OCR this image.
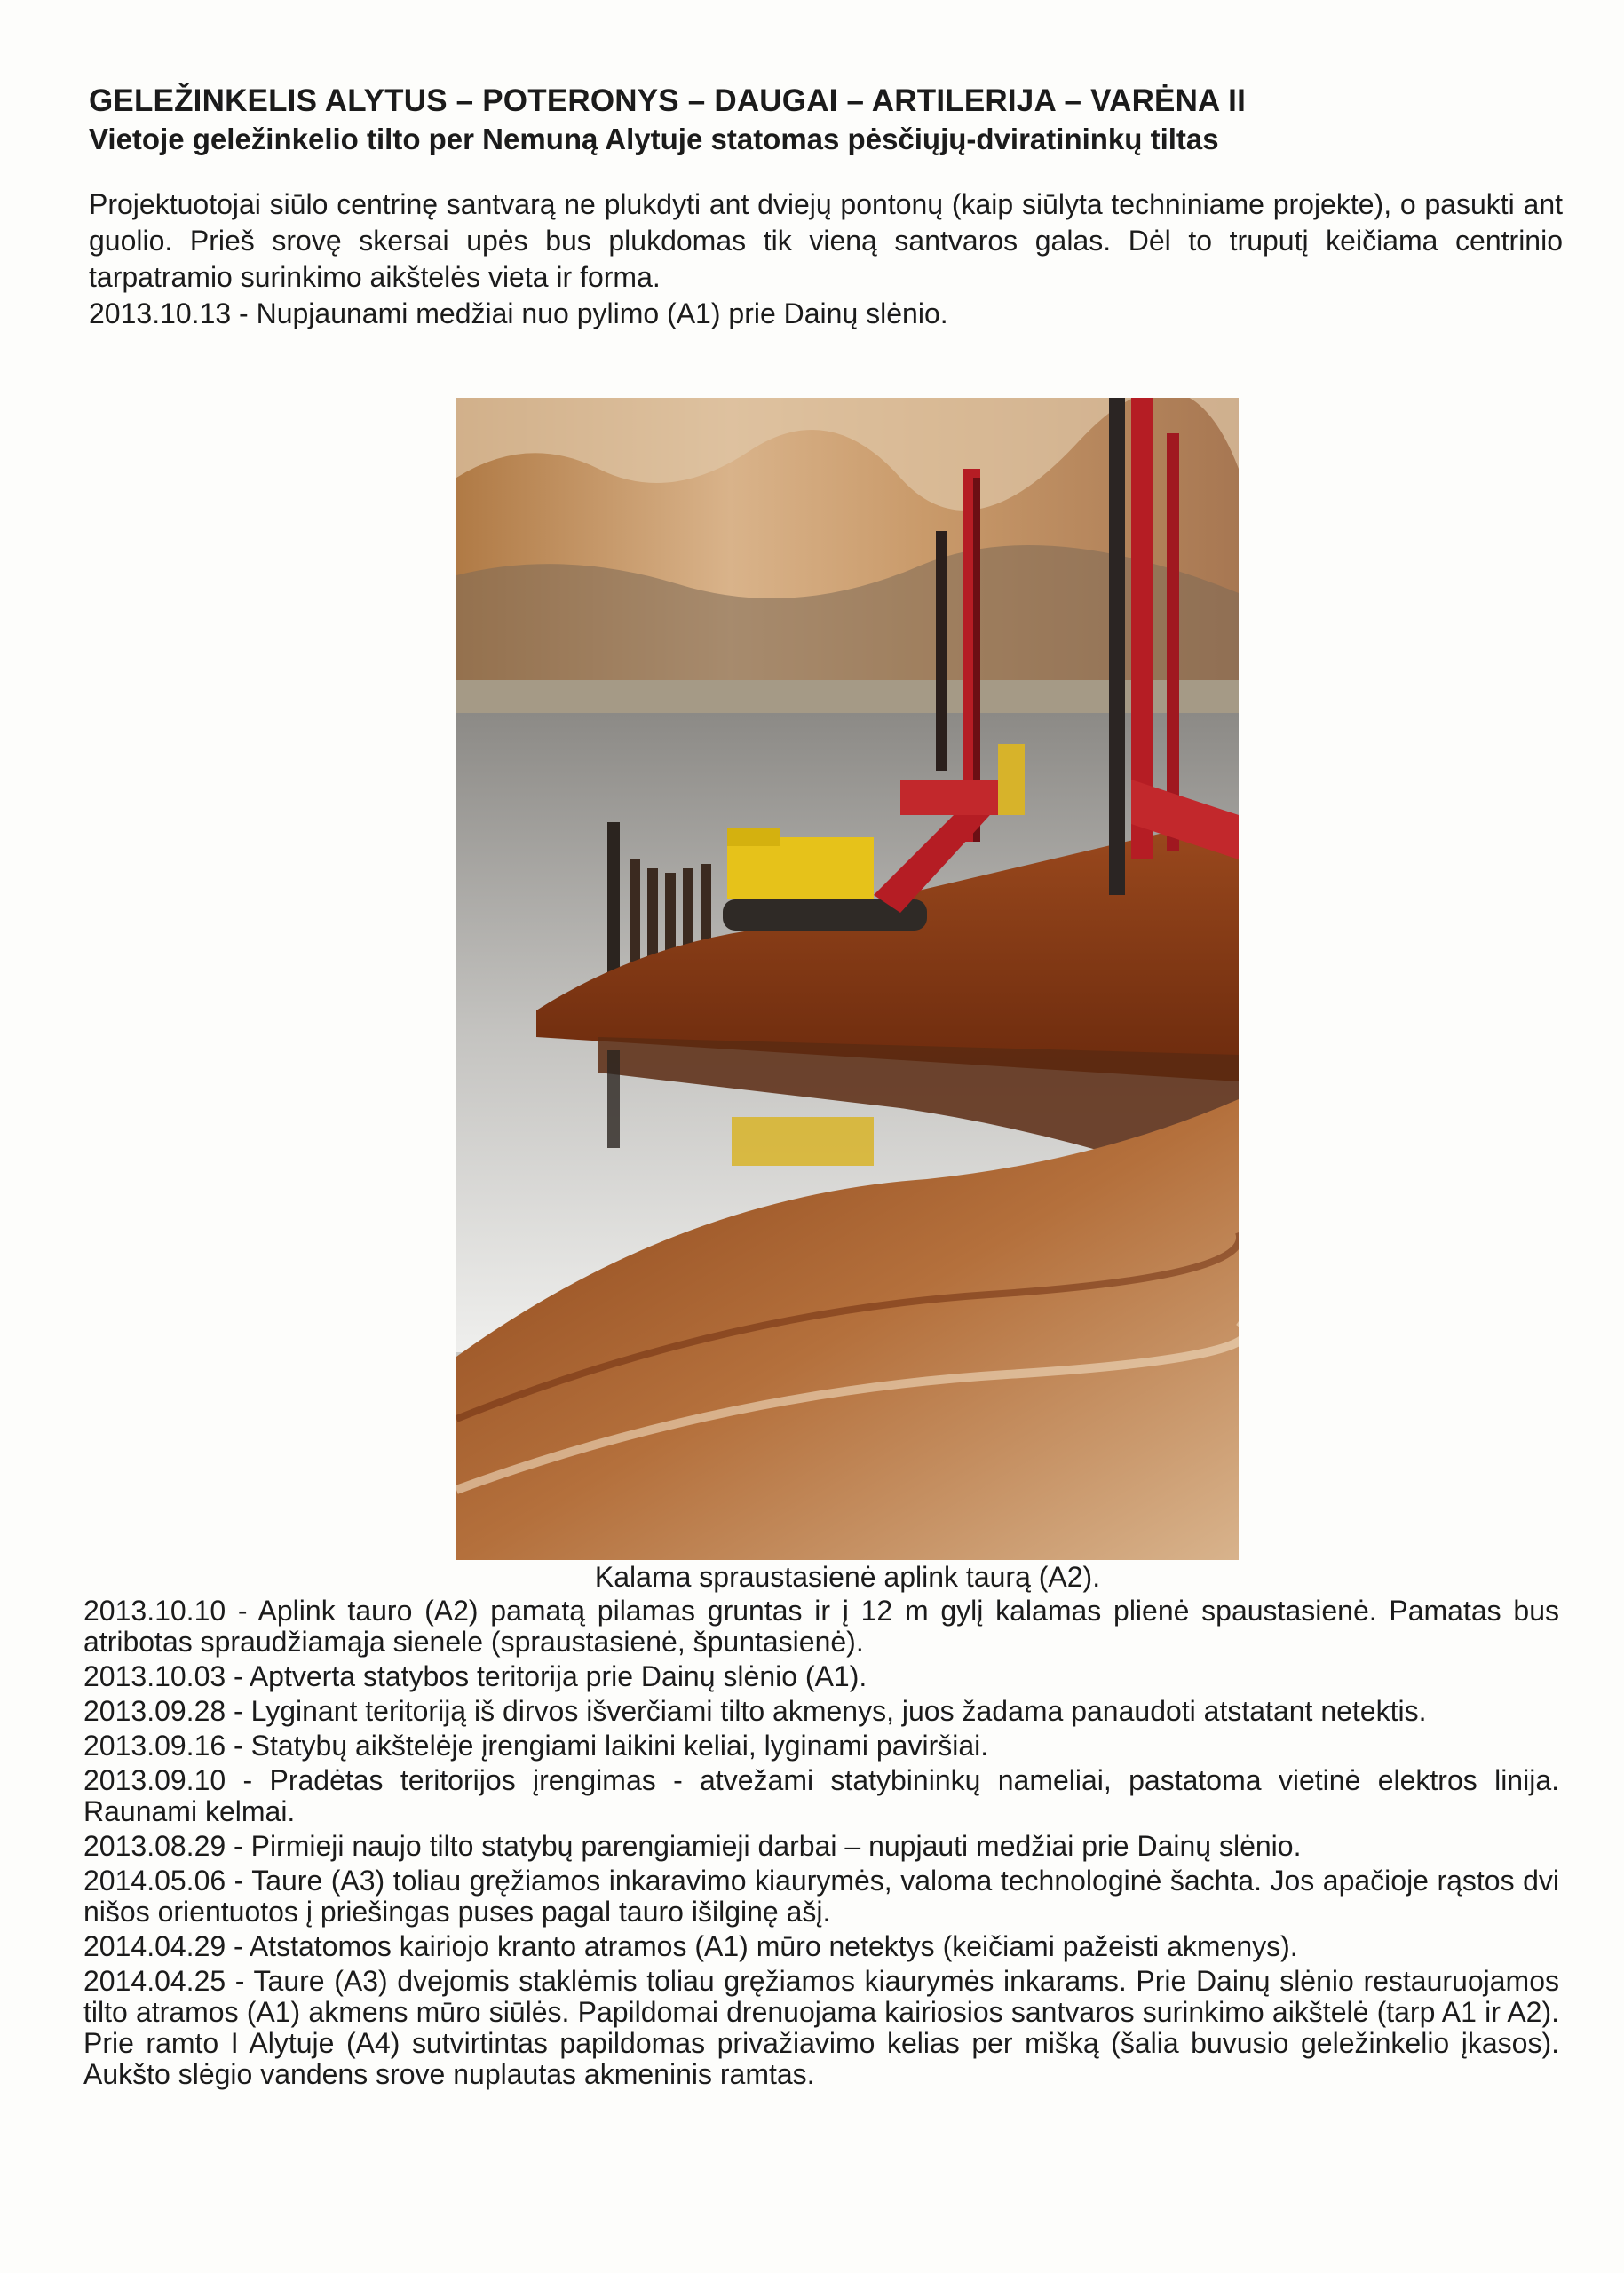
GELEŽINKELIS ALYTUS – POTERONYS – DAUGAI – ARTILERIJA – VARĖNA II
Vietoje geležinkelio tilto per Nemuną Alytuje statomas pėsčiųjų-dviratininkų tiltas

Projektuotojai siūlo centrinę santvarą ne plukdyti ant dviejų pontonų (kaip siūlyta techniniame projekte), o pasukti ant guolio. Prieš srovę skersai upės bus plukdomas tik vieną santvaros galas. Dėl to truputį keičiama centrinio tarpatramio surinkimo aikštelės vieta ir forma.

2013.10.13 - Nupjaunami medžiai nuo pylimo (A1) prie Dainų slėnio.

Kalama spraustasienė aplink taurą (A2).

2013.10.10 - Aplink tauro (A2) pamatą pilamas gruntas ir į 12 m gylį kalamas plienė spaustasienė. Pamatas bus atribotas spraudžiamąja sienele (spraustasienė, špuntasienė).

2013.10.03 - Aptverta statybos teritorija prie Dainų slėnio (A1).

2013.09.28 - Lyginant teritoriją iš dirvos išverčiami tilto akmenys, juos žadama panaudoti atstatant netektis.

2013.09.16 - Statybų aikštelėje įrengiami laikini keliai, lyginami paviršiai.

2013.09.10 - Pradėtas teritorijos įrengimas - atvežami statybininkų nameliai, pastatoma vietinė elektros linija. Raunami kelmai.

2013.08.29 - Pirmieji naujo tilto statybų parengiamieji darbai – nupjauti medžiai prie Dainų slėnio.

2014.05.06 - Taure (A3) toliau gręžiamos inkaravimo kiaurymės, valoma technologinė šachta. Jos apačioje rąstos dvi nišos orientuotos į priešingas puses pagal tauro išilginę ašį.

2014.04.29 - Atstatomos kairiojo kranto atramos (A1) mūro netektys (keičiami pažeisti akmenys).

2014.04.25 - Taure (A3) dvejomis staklėmis toliau gręžiamos kiaurymės inkarams. Prie Dainų slėnio restauruojamos tilto atramos (A1) akmens mūro siūlės. Papildomai drenuojama kairiosios santvaros surinkimo aikštelė (tarp A1 ir A2). Prie ramto I Alytuje (A4) sutvirtintas papildomas privažiavimo kelias per mišką (šalia buvusio geležinkelio įkasos). Aukšto slėgio vandens srove nuplautas akmeninis ramtas.
